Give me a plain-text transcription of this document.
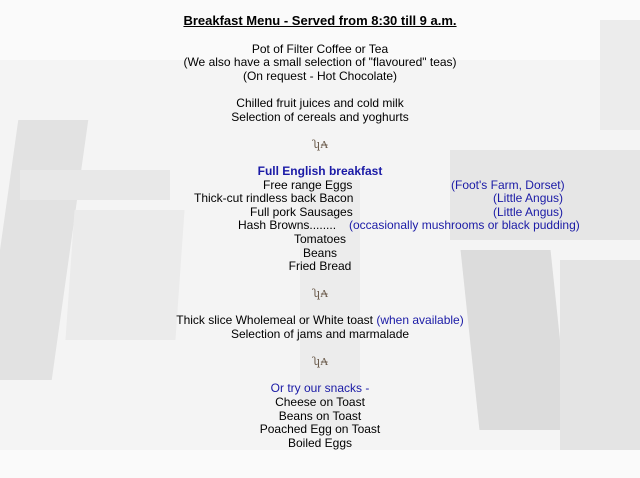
Breakfast Menu - Served from 8:30 till 9 a.m.
Pot of Filter Coffee or Tea
(We also have a small selection of "flavoured" teas)
(On request - Hot Chocolate)
Chilled fruit juices and cold milk
Selection of cereals and yoghurts
ʮ₳
Full English breakfast
Free range Eggs	(Foot's Farm, Dorset)
Thick-cut rindless back Bacon	(Little Angus)
Full pork Sausages	(Little Angus)
Hash Browns........ (occasionally mushrooms or black pudding)
Tomatoes
Beans
Fried Bread
ʮ₳
Thick slice Wholemeal or White toast (when available)
Selection of jams and marmalade
ʮ₳
Or try our snacks -
Cheese on Toast
Beans on Toast
Poached Egg on Toast
Boiled Eggs
